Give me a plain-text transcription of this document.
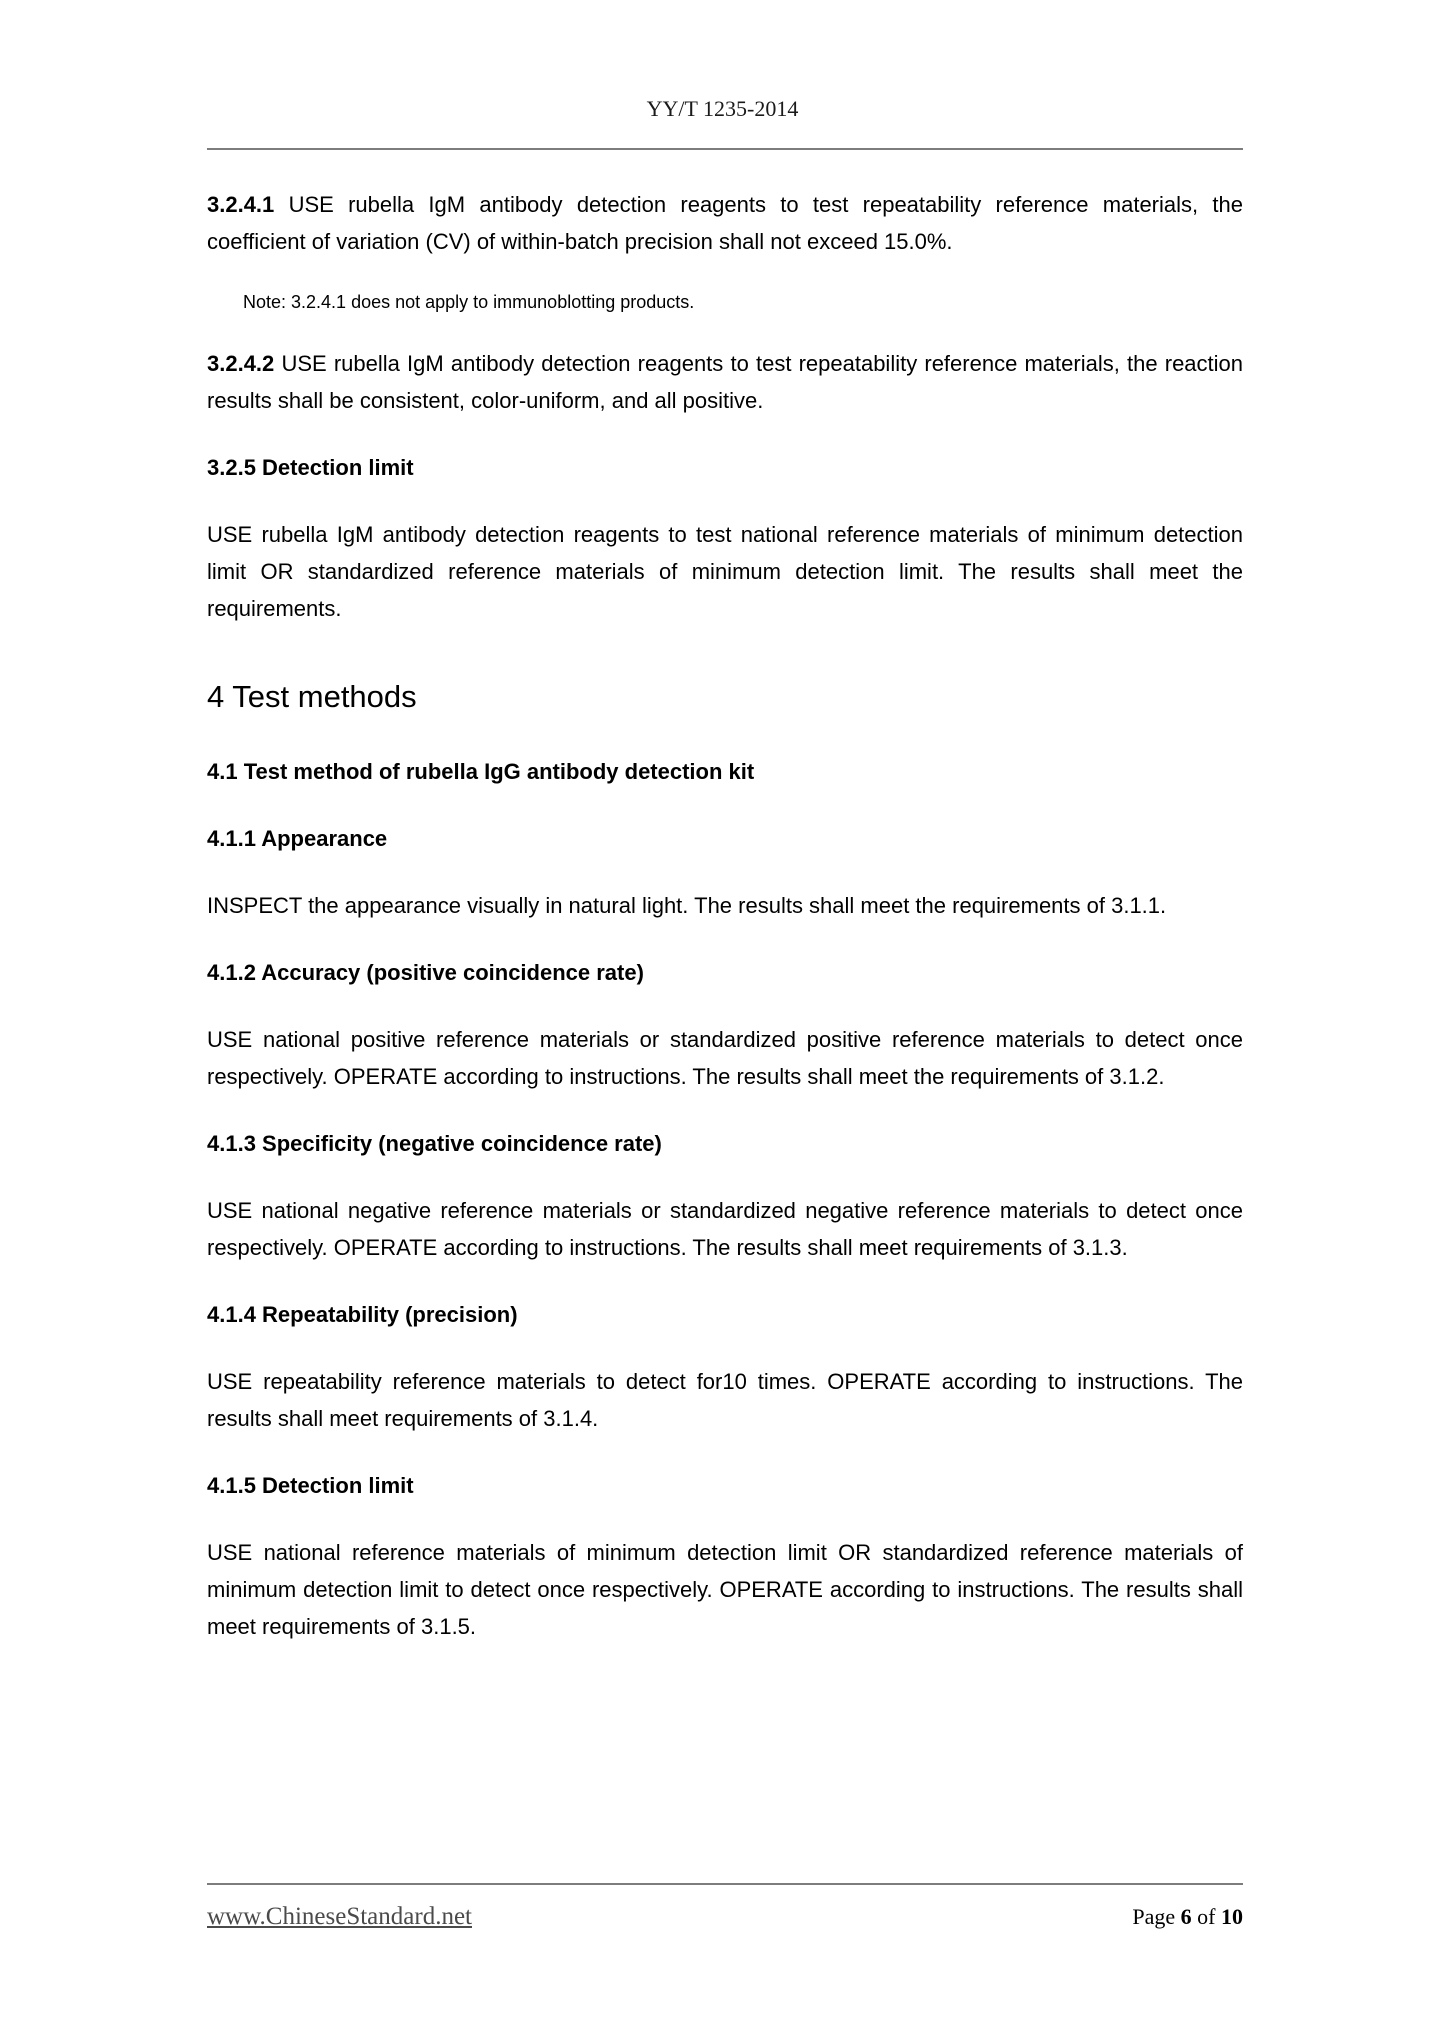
YY/T 1235-2014

3.2.4.1 USE rubella IgM antibody detection reagents to test repeatability reference materials, the coefficient of variation (CV) of within-batch precision shall not exceed 15.0%.

Note: 3.2.4.1 does not apply to immunoblotting products.

3.2.4.2 USE rubella IgM antibody detection reagents to test repeatability reference materials, the reaction results shall be consistent, color-uniform, and all positive.

3.2.5 Detection limit

USE rubella IgM antibody detection reagents to test national reference materials of minimum detection limit OR standardized reference materials of minimum detection limit. The results shall meet the requirements.

4 Test methods
4.1 Test method of rubella IgG antibody detection kit
4.1.1 Appearance

INSPECT the appearance visually in natural light. The results shall meet the requirements of 3.1.1.

4.1.2 Accuracy (positive coincidence rate)

USE national positive reference materials or standardized positive reference materials to detect once respectively. OPERATE according to instructions. The results shall meet the requirements of 3.1.2.

4.1.3 Specificity (negative coincidence rate)

USE national negative reference materials or standardized negative reference materials to detect once respectively. OPERATE according to instructions. The results shall meet requirements of 3.1.3.

4.1.4 Repeatability (precision)

USE repeatability reference materials to detect for10 times. OPERATE according to instructions. The results shall meet requirements of 3.1.4.

4.1.5 Detection limit

USE national reference materials of minimum detection limit OR standardized reference materials of minimum detection limit to detect once respectively. OPERATE according to instructions. The results shall meet requirements of 3.1.5.

www.ChineseStandard.net	Page 6 of 10
